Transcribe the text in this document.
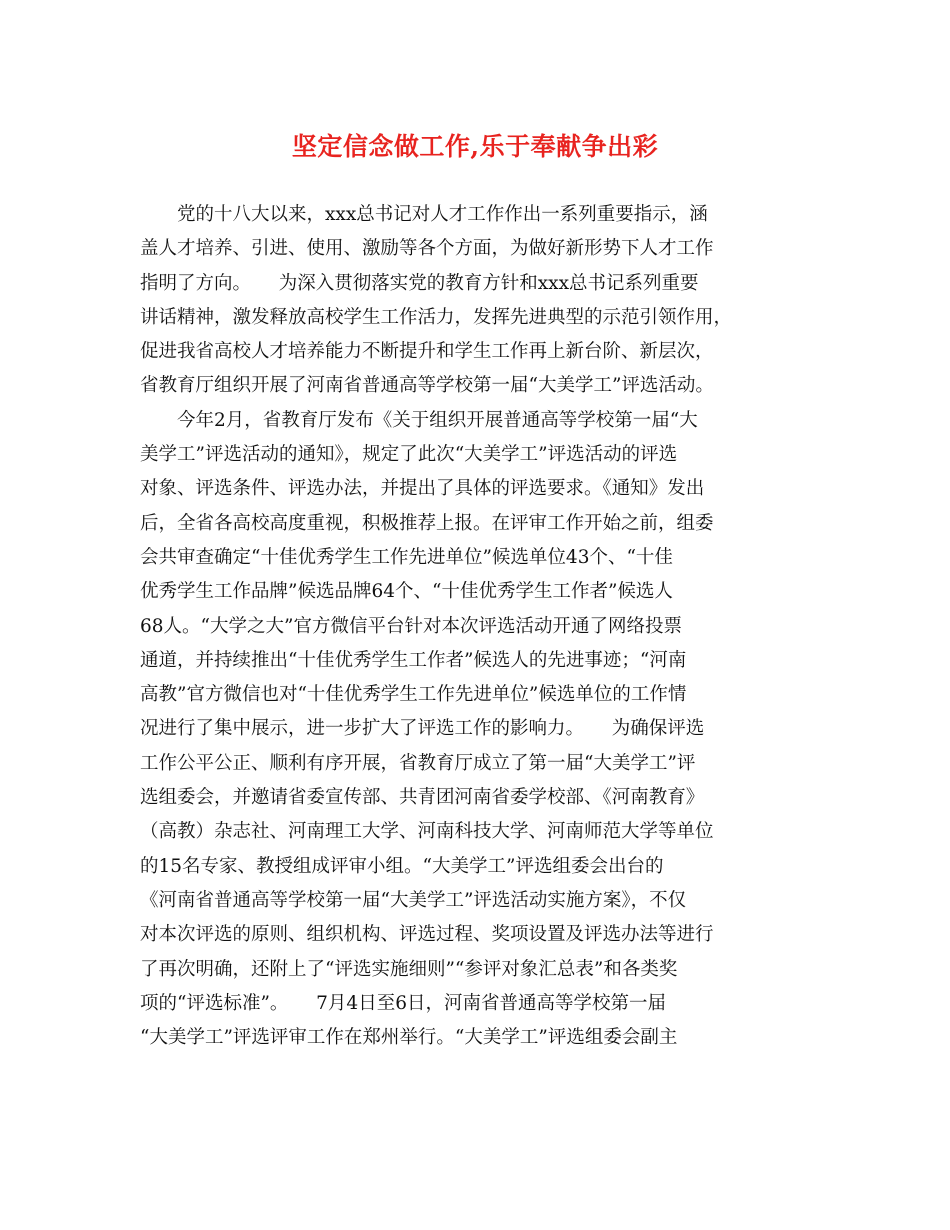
坚定信念做工作,乐于奉献争出彩
　　党的十八大以来，xxx总书记对人才工作作出一系列重要指示，涵
盖人才培养、引进、使用、激励等各个方面，为做好新形势下人才工作
指明了方向。　　为深入贯彻落实党的教育方针和xxx总书记系列重要
讲话精神，激发释放高校学生工作活力，发挥先进典型的示范引领作用，
促进我省高校人才培养能力不断提升和学生工作再上新台阶、新层次，
省教育厅组织开展了河南省普通高等学校第一届“大美学工”评选活动。
　　今年2月，省教育厅发布《关于组织开展普通高等学校第一届“大
美学工”评选活动的通知》，规定了此次“大美学工”评选活动的评选
对象、评选条件、评选办法，并提出了具体的评选要求。《通知》发出
后，全省各高校高度重视，积极推荐上报。在评审工作开始之前，组委
会共审查确定“十佳优秀学生工作先进单位”候选单位43个、“十佳
优秀学生工作品牌”候选品牌64个、“十佳优秀学生工作者”候选人
68人。“大学之大”官方微信平台针对本次评选活动开通了网络投票
通道，并持续推出“十佳优秀学生工作者”候选人的先进事迹；“河南
高教”官方微信也对“十佳优秀学生工作先进单位”候选单位的工作情
况进行了集中展示，进一步扩大了评选工作的影响力。　　为确保评选
工作公平公正、顺利有序开展，省教育厅成立了第一届“大美学工”评
选组委会，并邀请省委宣传部、共青团河南省委学校部、《河南教育》
（高教）杂志社、河南理工大学、河南科技大学、河南师范大学等单位
的15名专家、教授组成评审小组。“大美学工”评选组委会出台的
《河南省普通高等学校第一届“大美学工”评选活动实施方案》，不仅
对本次评选的原则、组织机构、评选过程、奖项设置及评选办法等进行
了再次明确，还附上了“评选实施细则”“参评对象汇总表”和各类奖
项的“评选标准”。　　7月4日至6日，河南省普通高等学校第一届
“大美学工”评选评审工作在郑州举行。“大美学工”评选组委会副主
